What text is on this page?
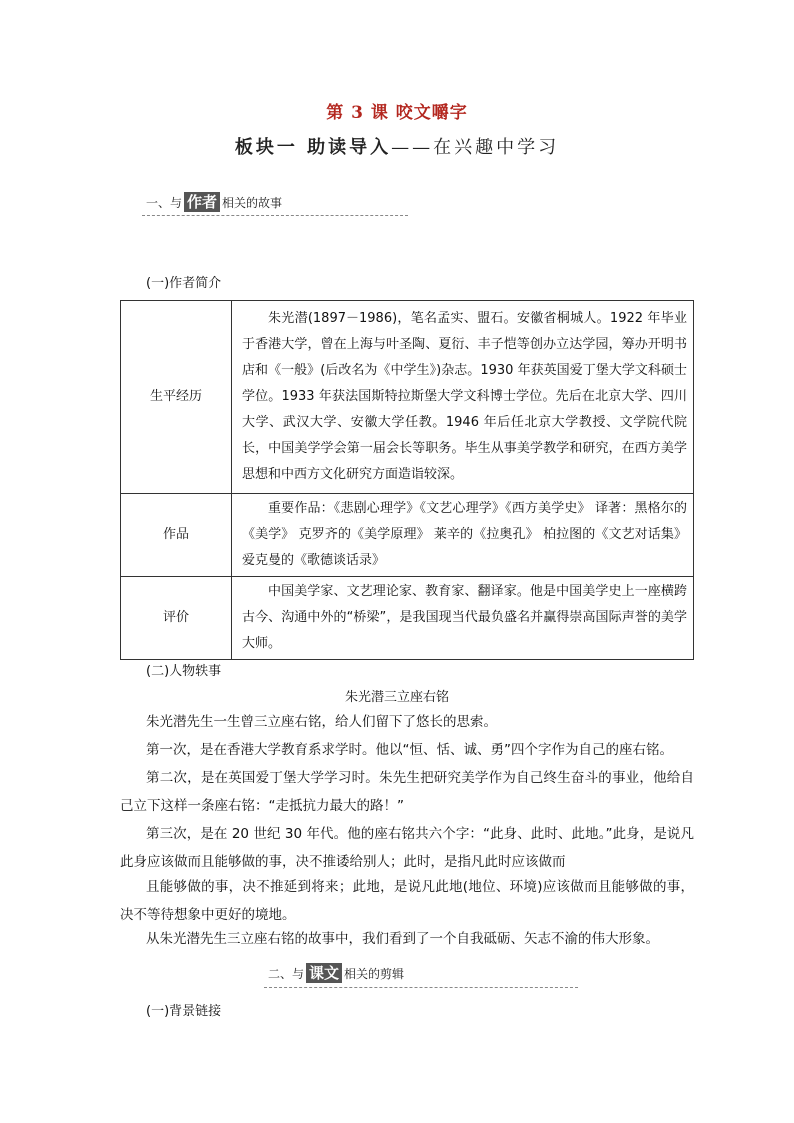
第 3 课 咬文嚼字
板块一 助读导入——在兴趣中学习
一、与 作者 相关的故事
(一)作者简介
生平经历	朱光潜(1897－1986)，笔名孟实、盟石。安徽省桐城人。1922 年毕业于香港大学，曾在上海与叶圣陶、夏衍、丰子恺等创办立达学园，筹办开明书店和《一般》(后改名为《中学生》)杂志。1930 年获英国爱丁堡大学文科硕士学位。1933 年获法国斯特拉斯堡大学文科博士学位。先后在北京大学、四川大学、武汉大学、安徽大学任教。1946 年后任北京大学教授、文学院代院长，中国美学学会第一届会长等职务。毕生从事美学教学和研究，在西方美学思想和中西方文化研究方面造诣较深。
作品	重要作品：《悲剧心理学》《文艺心理学》《西方美学史》 译著：黑格尔的《美学》 克罗齐的《美学原理》 莱辛的《拉奥孔》 柏拉图的《文艺对话集》 爱克曼的《歌德谈话录》
评价	中国美学家、文艺理论家、教育家、翻译家。他是中国美学史上一座横跨古今、沟通中外的“桥梁”，是我国现当代最负盛名并赢得崇高国际声誉的美学大师。
(二)人物轶事
朱光潜三立座右铭
朱光潜先生一生曾三立座右铭，给人们留下了悠长的思索。
第一次，是在香港大学教育系求学时。他以“恒、恬、诚、勇”四个字作为自己的座右铭。
第二次，是在英国爱丁堡大学学习时。朱先生把研究美学作为自己终生奋斗的事业，他给自己立下这样一条座右铭：“走抵抗力最大的路！”
第三次，是在 20 世纪 30 年代。他的座右铭共六个字：“此身、此时、此地。”此身，是说凡此身应该做而且能够做的事，决不推诿给别人；此时，是指凡此时应该做而
且能够做的事，决不推延到将来；此地，是说凡此地(地位、环境)应该做而且能够做的事，决不等待想象中更好的境地。
从朱光潜先生三立座右铭的故事中，我们看到了一个自我砥砺、矢志不渝的伟大形象。
二、与 课文 相关的剪辑
(一)背景链接
